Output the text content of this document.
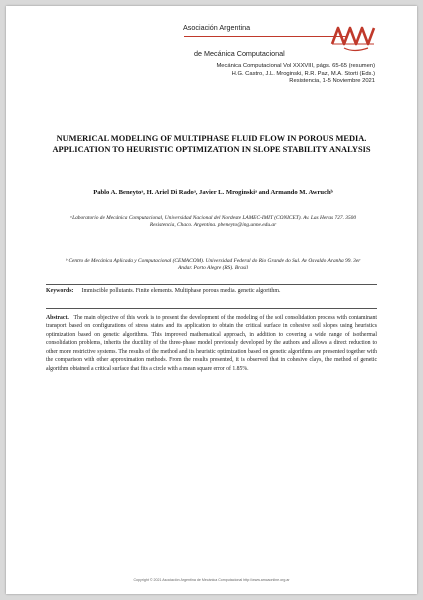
Asociación Argentina
de Mecánica Computacional
Mecánica Computacional Vol XXXVIII, págs. 65-65 (resumen)
H.G. Castro, J.L. Mroginski, R.R. Paz, M.A. Storti (Eds.)
Resistencia, 1-5 Noviembre 2021
NUMERICAL MODELING OF MULTIPHASE FLUID FLOW IN POROUS MEDIA. APPLICATION TO HEURISTIC OPTIMIZATION IN SLOPE STABILITY ANALYSIS
Pablo A. Beneytoᵃ, H. Ariel Di Radoᵃ, Javier L. Mroginskiᵃ and Armando M. Awruchᵇ
ᵃLaboratorio de Mecánica Computacional, Universidad Nacional del Nordeste LAMEC-IMIT (CONICET). Av. Las Heras 727. 3500 Resistencia, Chaco. Argentina. pbeneyto@ing.unne.edu.ar
ᵇ Centro de Mecánica Aplicada y Computacional (CEMACOM). Universidad Federal do Rio Grande do Sul. Av Osvaldo Aranha 99. 3er Andar. Porto Alegre (RS). Brasil
Keywords: Immiscible pollutants. Finite elements. Multiphase porous media. genetic algorithm.
Abstract. The main objective of this work is to present the development of the modeling of the soil consolidation process with contaminant transport based on configurations of stress states and its application to obtain the critical surface in cohesive soil slopes using heuristics optimization based on genetic algorithms. This improved mathematical approach, in addition to covering a wide range of isothermal consolidation problems, inherits the ductility of the three-phase model previously developed by the authors and allows a direct reduction to other more restrictive systems. The results of the method and its heuristic optimization based on genetic algorithms are presented together with the comparison with other approximation methods. From the results presented, it is observed that in cohesive clays, the method of genetic algorithm obtained a critical surface that fits a circle with a mean square error of 1.85%.
Copyright © 2021 Asociación Argentina de Mecánica Computacional http://www.amcaonline.org.ar
